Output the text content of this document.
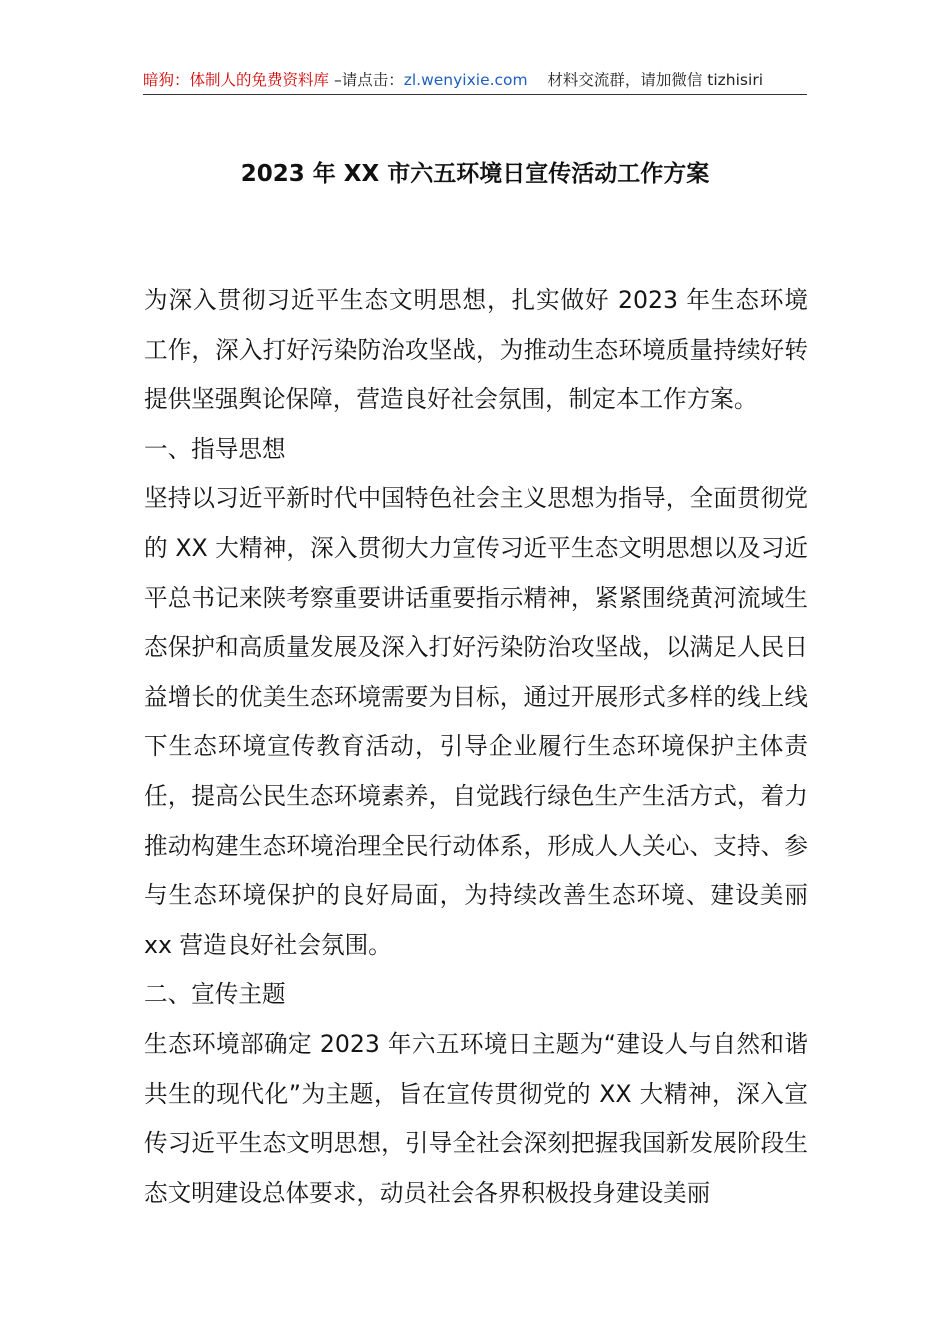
暗狗：体制人的免费资料库 –请点击：zl.wenyixie.com 材料交流群，请加微信 tizhisiri
2023 年 XX 市六五环境日宣传活动工作方案

为深入贯彻习近平生态文明思想，扎实做好 2023 年生态环境工作，深入打好污染防治攻坚战，为推动生态环境质量持续好转提供坚强舆论保障，营造良好社会氛围，制定本工作方案。

一、指导思想

坚持以习近平新时代中国特色社会主义思想为指导，全面贯彻党的 XX 大精神，深入贯彻大力宣传习近平生态文明思想以及习近平总书记来陕考察重要讲话重要指示精神，紧紧围绕黄河流域生态保护和高质量发展及深入打好污染防治攻坚战，以满足人民日益增长的优美生态环境需要为目标，通过开展形式多样的线上线下生态环境宣传教育活动，引导企业履行生态环境保护主体责任，提高公民生态环境素养，自觉践行绿色生产生活方式，着力推动构建生态环境治理全民行动体系，形成人人关心、支持、参与生态环境保护的良好局面，为持续改善生态环境、建设美丽 xx 营造良好社会氛围。

二、宣传主题

生态环境部确定 2023 年六五环境日主题为“建设人与自然和谐共生的现代化”为主题，旨在宣传贯彻党的 XX 大精神，深入宣传习近平生态文明思想，引导全社会深刻把握我国新发展阶段生态文明建设总体要求，动员社会各界积极投身建设美丽
